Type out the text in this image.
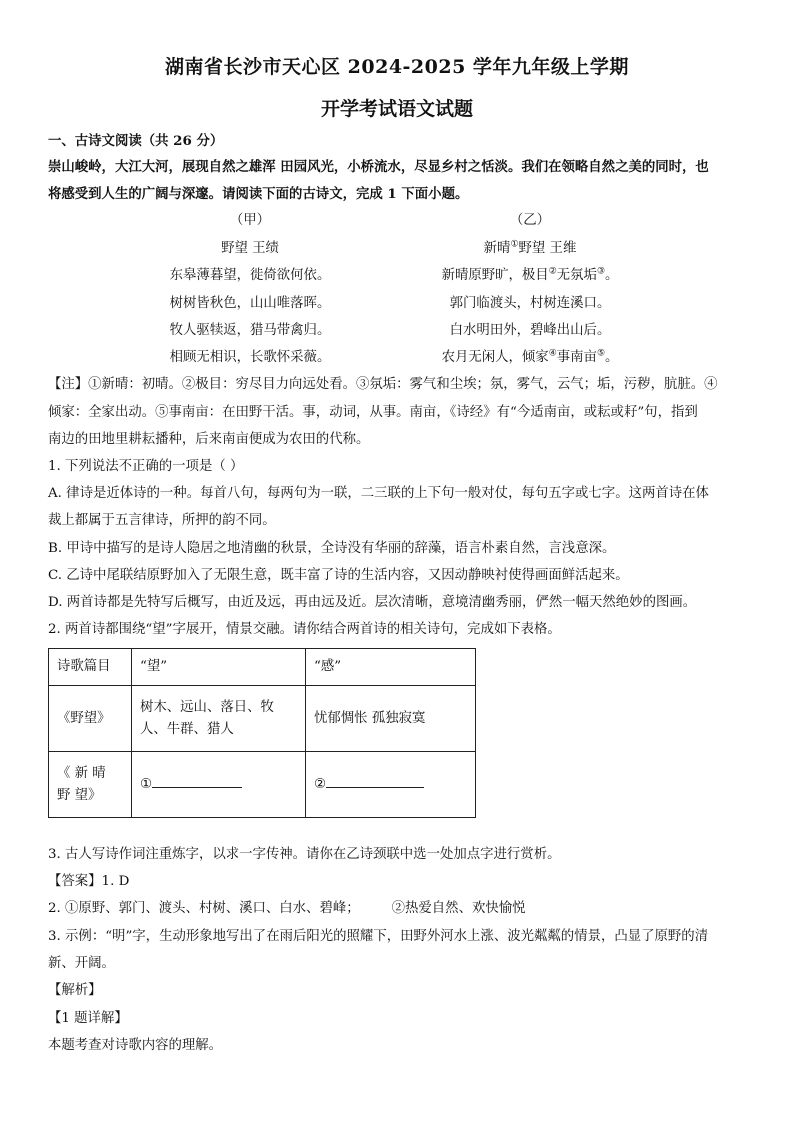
湖南省长沙市天心区 2024-2025 学年九年级上学期
开学考试语文试题
一、古诗文阅读（共 26 分）
崇山峻岭，大江大河，展现自然之雄浑 田园风光，小桥流水，尽显乡村之恬淡。我们在领略自然之美的同时，也
将感受到人生的广阔与深邃。请阅读下面的古诗文，完成 1 下面小题。
（甲）
野望 王绩
东皋薄暮望，徙倚欲何依。
树树皆秋色，山山唯落晖。
牧人驱犊返，猎马带禽归。
相顾无相识，长歌怀采薇。
（乙）
新晴①野望 王维
新晴原野旷，极目②无氛垢③。
郭门临渡头，村树连溪口。
白水明田外，碧峰出山后。
农月无闲人，倾家④事南亩⑤。
【注】①新晴：初晴。②极目：穷尽目力向远处看。③氛垢：雾气和尘埃；氛，雾气，云气；垢，污秽，肮脏。④
倾家：全家出动。⑤事南亩：在田野干活。事，动词，从事。南亩，《诗经》有“今适南亩，或耘或耔”句，指到
南边的田地里耕耘播种，后来南亩便成为农田的代称。
1. 下列说法不正确的一项是（ ）
A. 律诗是近体诗的一种。每首八句，每两句为一联，二三联的上下句一般对仗，每句五字或七字。这两首诗在体
裁上都属于五言律诗，所押的韵不同。
B. 甲诗中描写的是诗人隐居之地清幽的秋景，全诗没有华丽的辞藻，语言朴素自然，言浅意深。
C. 乙诗中尾联结原野加入了无限生意，既丰富了诗的生活内容，又因动静映衬使得画面鲜活起来。
D. 两首诗都是先特写后概写，由近及远，再由远及近。层次清晰，意境清幽秀丽，俨然一幅天然绝妙的图画。
2. 两首诗都围绕“望”字展开，情景交融。请你结合两首诗的相关诗句，完成如下表格。
诗歌篇目	“望”	“感”
《野望》	树木、远山、落日、牧人、牛群、猎人	忧郁惆怅 孤独寂寞
《 新 晴 野 望》	①	②
3. 古人写诗作词注重炼字，以求一字传神。请你在乙诗颈联中选一处加点字进行赏析。
【答案】1. D
2. ①原野、郭门、渡头、村树、溪口、白水、碧峰； ②热爱自然、欢快愉悦
3. 示例：“明”字，生动形象地写出了在雨后阳光的照耀下，田野外河水上涨、波光粼粼的情景，凸显了原野的清
新、开阔。
【解析】
【1 题详解】
本题考查对诗歌内容的理解。
